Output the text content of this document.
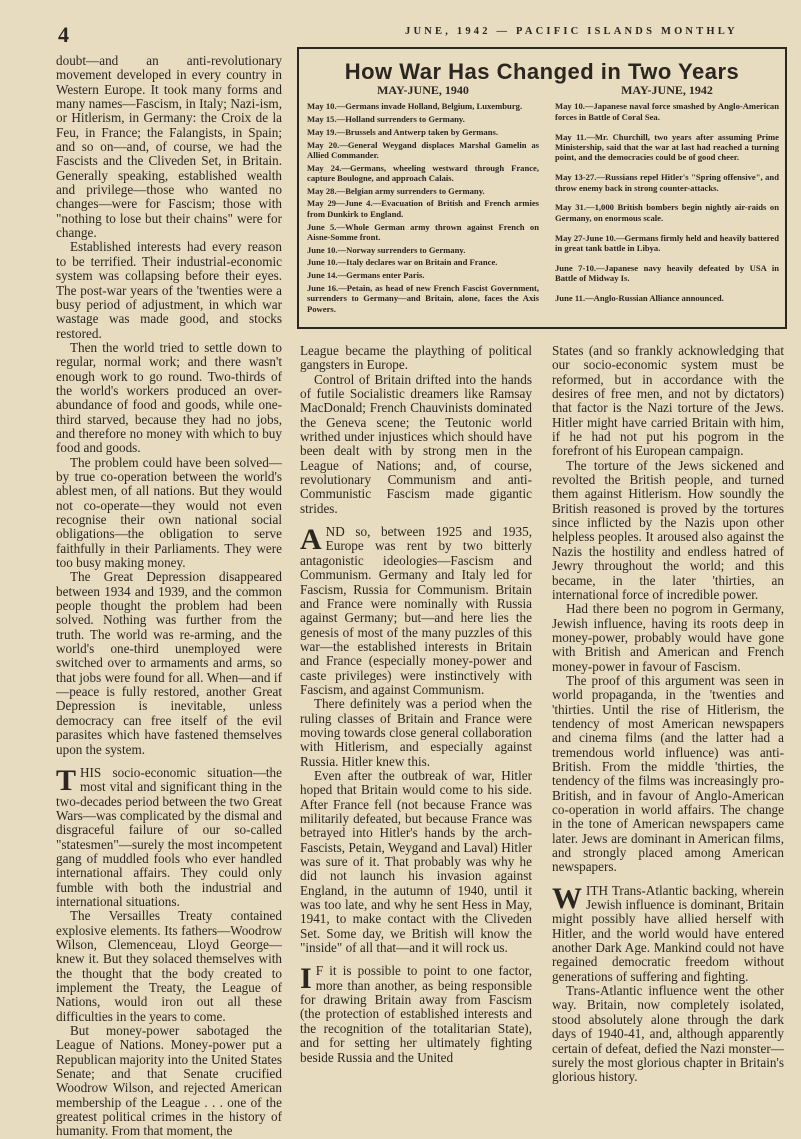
4	JUNE, 1942 — PACIFIC ISLANDS MONTHLY

doubt—and an anti-revolutionary movement developed in every country in Western Europe. It took many forms and many names—Fascism, in Italy; Nazi-ism, or Hitlerism, in Germany: the Croix de la Feu, in France; the Falangists, in Spain; and so on—and, of course, we had the Fascists and the Cliveden Set, in Britain. Generally speaking, established wealth and privilege—those who wanted no changes—were for Fascism; those with "nothing to lose but their chains" were for change.

Established interests had every reason to be terrified. Their industrial-economic system was collapsing before their eyes. The post-war years of the 'twenties were a busy period of adjustment, in which war wastage was made good, and stocks restored.

Then the world tried to settle down to regular, normal work; and there wasn't enough work to go round. Two-thirds of the world's workers produced an over-abundance of food and goods, while one-third starved, because they had no jobs, and therefore no money with which to buy food and goods.

The problem could have been solved—by true co-operation between the world's ablest men, of all nations. But they would not co-operate—they would not even recognise their own national social obligations—the obligation to serve faithfully in their Parliaments. They were too busy making money.

The Great Depression disappeared between 1934 and 1939, and the common people thought the problem had been solved. Nothing was further from the truth. The world was re-arming, and the world's one-third unemployed were switched over to armaments and arms, so that jobs were found for all. When—and if—peace is fully restored, another Great Depression is inevitable, unless democracy can free itself of the evil parasites which have fastened themselves upon the system.

THIS socio-economic situation—the most vital and significant thing in the two-decades period between the two Great Wars—was complicated by the dismal and disgraceful failure of our so-called "statesmen"—surely the most incompetent gang of muddled fools who ever handled international affairs. They could only fumble with both the industrial and international situations.

The Versailles Treaty contained explosive elements. Its fathers—Woodrow Wilson, Clemenceau, Lloyd George—knew it. But they solaced themselves with the thought that the body created to implement the Treaty, the League of Nations, would iron out all these difficulties in the years to come.

But money-power sabotaged the League of Nations. Money-power put a Republican majority into the United States Senate; and that Senate crucified Woodrow Wilson, and rejected American membership of the League . . . one of the greatest political crimes in the history of humanity. From that moment, the

How War Has Changed in Two Years
MAY-JUNE, 1940
May 10.—Germans invade Holland, Belgium, Luxemburg.
May 15.—Holland surrenders to Germany.
May 19.—Brussels and Antwerp taken by Germans.
May 20.—General Weygand displaces Marshal Gamelin as Allied Commander.
May 24.—Germans, wheeling westward through France, capture Boulogne, and approach Calais.
May 28.—Belgian army surrenders to Germany.
May 29—June 4.—Evacuation of British and French armies from Dunkirk to England.
June 5.—Whole German army thrown against French on Aisne-Somme front.
June 10.—Norway surrenders to Germany.
June 10.—Italy declares war on Britain and France.
June 14.—Germans enter Paris.
June 16.—Petain, as head of new French Fascist Government, surrenders to Germany—and Britain, alone, faces the Axis Powers.
MAY-JUNE, 1942
May 10.—Japanese naval force smashed by Anglo-American forces in Battle of Coral Sea.
May 11.—Mr. Churchill, two years after assuming Prime Ministership, said that the war at last had reached a turning point, and the democracies could be of good cheer.
May 13-27.—Russians repel Hitler's "Spring offensive", and throw enemy back in strong counter-attacks.
May 31.—1,000 British bombers begin nightly air-raids on Germany, on enormous scale.
May 27-June 10.—Germans firmly held and heavily battered in great tank battle in Libya.
June 7-10.—Japanese navy heavily defeated by USA in Battle of Midway Is.
June 11.—Anglo-Russian Alliance announced.

League became the plaything of political gangsters in Europe.

Control of Britain drifted into the hands of futile Socialistic dreamers like Ramsay MacDonald; French Chauvinists dominated the Geneva scene; the Teutonic world writhed under injustices which should have been dealt with by strong men in the League of Nations; and, of course, revolutionary Communism and anti-Communistic Fascism made gigantic strides.

AND so, between 1925 and 1935, Europe was rent by two bitterly antagonistic ideologies—Fascism and Communism. Germany and Italy led for Fascism, Russia for Communism. Britain and France were nominally with Russia against Germany; but—and here lies the genesis of most of the many puzzles of this war—the established interests in Britain and France (especially money-power and caste privileges) were instinctively with Fascism, and against Communism.

There definitely was a period when the ruling classes of Britain and France were moving towards close general collaboration with Hitlerism, and especially against Russia. Hitler knew this.

Even after the outbreak of war, Hitler hoped that Britain would come to his side. After France fell (not because France was militarily defeated, but because France was betrayed into Hitler's hands by the arch-Fascists, Petain, Weygand and Laval) Hitler was sure of it. That probably was why he did not launch his invasion against England, in the autumn of 1940, until it was too late, and why he sent Hess in May, 1941, to make contact with the Cliveden Set. Some day, we British will know the "inside" of all that—and it will rock us.

I F it is possible to point to one factor, more than another, as being responsible for drawing Britain away from Fascism (the protection of established interests and the recognition of the totalitarian State), and for setting her ultimately fighting beside Russia and the United

States (and so frankly acknowledging that our socio-economic system must be reformed, but in accordance with the desires of free men, and not by dictators) that factor is the Nazi torture of the Jews. Hitler might have carried Britain with him, if he had not put his pogrom in the forefront of his European campaign.

The torture of the Jews sickened and revolted the British people, and turned them against Hitlerism. How soundly the British reasoned is proved by the tortures since inflicted by the Nazis upon other helpless peoples. It aroused also against the Nazis the hostility and endless hatred of Jewry throughout the world; and this became, in the later 'thirties, an international force of incredible power.

Had there been no pogrom in Germany, Jewish influence, having its roots deep in money-power, probably would have gone with British and American and French money-power in favour of Fascism.

The proof of this argument was seen in world propaganda, in the 'twenties and 'thirties. Until the rise of Hitlerism, the tendency of most American newspapers and cinema films (and the latter had a tremendous world influence) was anti-British. From the middle 'thirties, the tendency of the films was increasingly pro-British, and in favour of Anglo-American co-operation in world affairs. The change in the tone of American newspapers came later. Jews are dominant in American films, and strongly placed among American newspapers.

WITH Trans-Atlantic backing, wherein Jewish influence is dominant, Britain might possibly have allied herself with Hitler, and the world would have entered another Dark Age. Mankind could not have regained democratic freedom without generations of suffering and fighting.

Trans-Atlantic influence went the other way. Britain, now completely isolated, stood absolutely alone through the dark days of 1940-41, and, although apparently certain of defeat, defied the Nazi monster—surely the most glorious chapter in Britain's glorious history.
